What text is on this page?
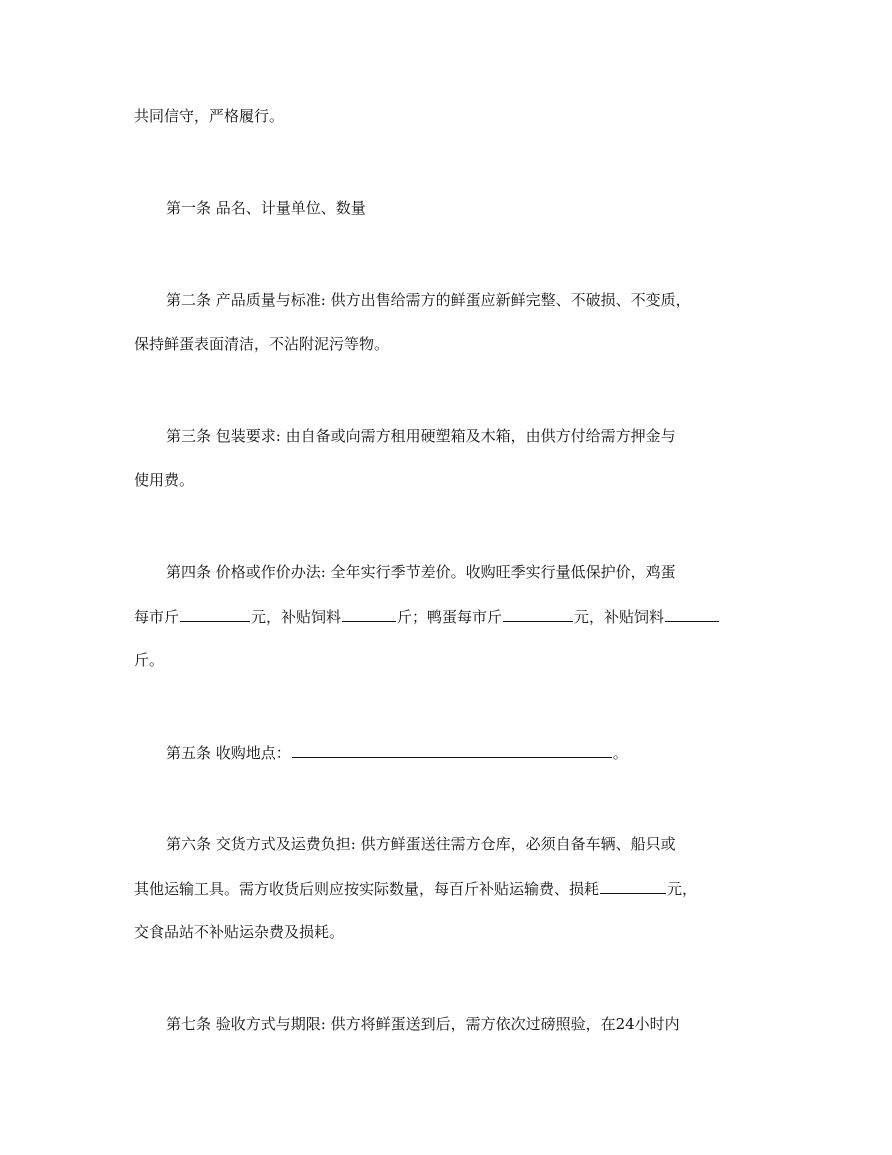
共同信守，严格履行。
第一条 品名、计量单位、数量
第二条 产品质量与标准: 供方出售给需方的鲜蛋应新鲜完整、不破损、不变质，
保持鲜蛋表面清洁，不沾附泥污等物。
第三条 包装要求: 由自备或向需方租用硬塑箱及木箱，由供方付给需方押金与
使用费。
第四条 价格或作价办法: 全年实行季节差价。收购旺季实行量低保护价，鸡蛋
每市斤	元，补贴饲料	斤；鸭蛋每市斤	元，补贴饲料
斤。
第五条 收购地点：	。
第六条 交货方式及运费负担: 供方鲜蛋送往需方仓库，必须自备车辆、船只或
其他运输工具。需方收货后则应按实际数量，每百斤补贴运输费、损耗	元，
交食品站不补贴运杂费及损耗。
第七条 验收方式与期限: 供方将鲜蛋送到后，需方依次过磅照验，在24小时内
